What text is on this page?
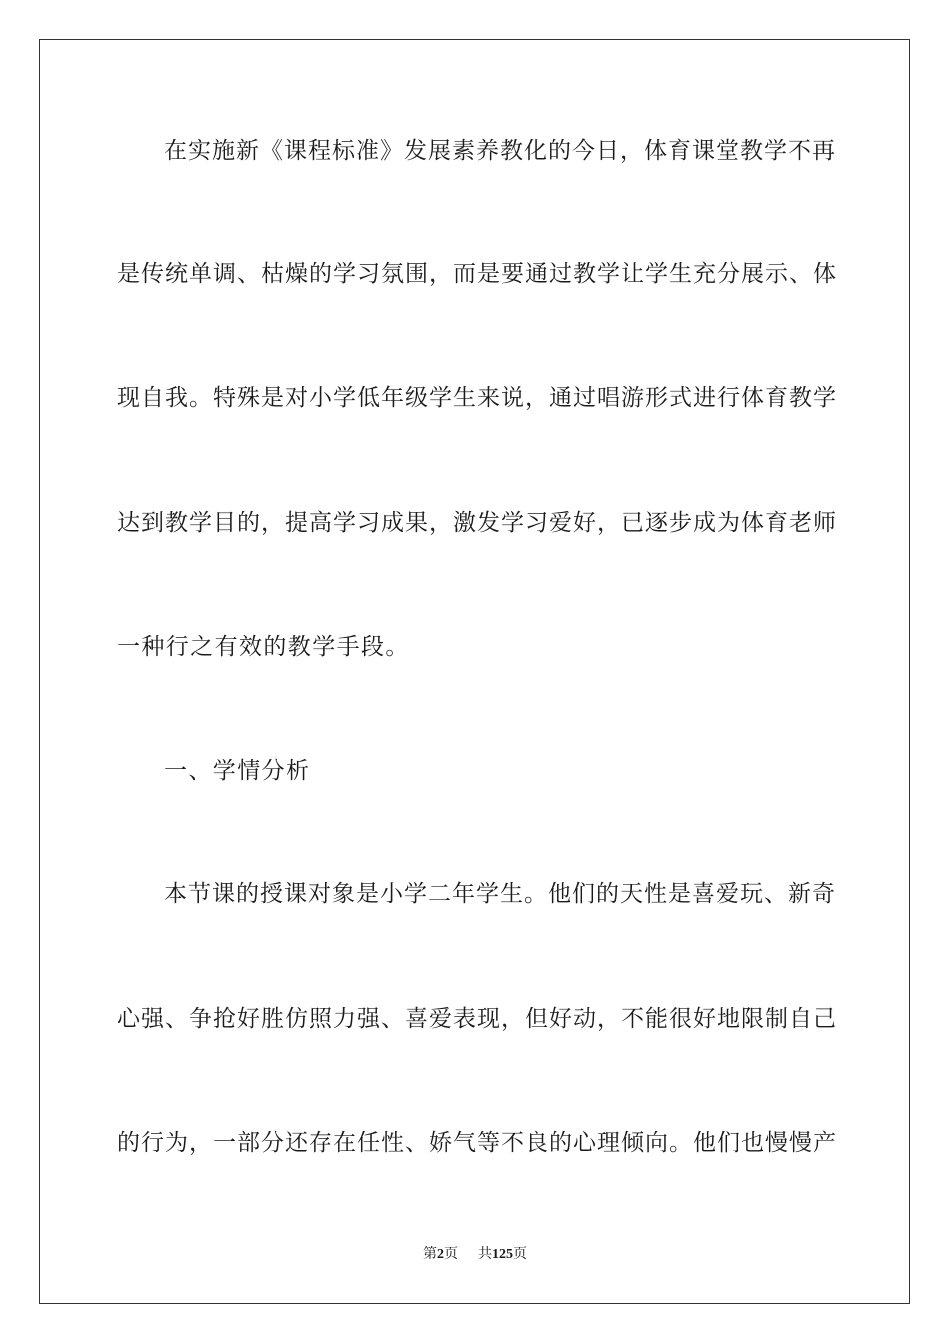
在实施新《课程标准》发展素养教化的今日，体育课堂教学不再
是传统单调、枯燥的学习氛围，而是要通过教学让学生充分展示、体
现自我。特殊是对小学低年级学生来说，通过唱游形式进行体育教学
达到教学目的，提高学习成果，激发学习爱好，已逐步成为体育老师
一种行之有效的教学手段。
一、学情分析
本节课的授课对象是小学二年学生。他们的天性是喜爱玩、新奇
心强、争抢好胜仿照力强、喜爱表现，但好动，不能很好地限制自己
的行为，一部分还存在任性、娇气等不良的心理倾向。他们也慢慢产
第2页 共125页
